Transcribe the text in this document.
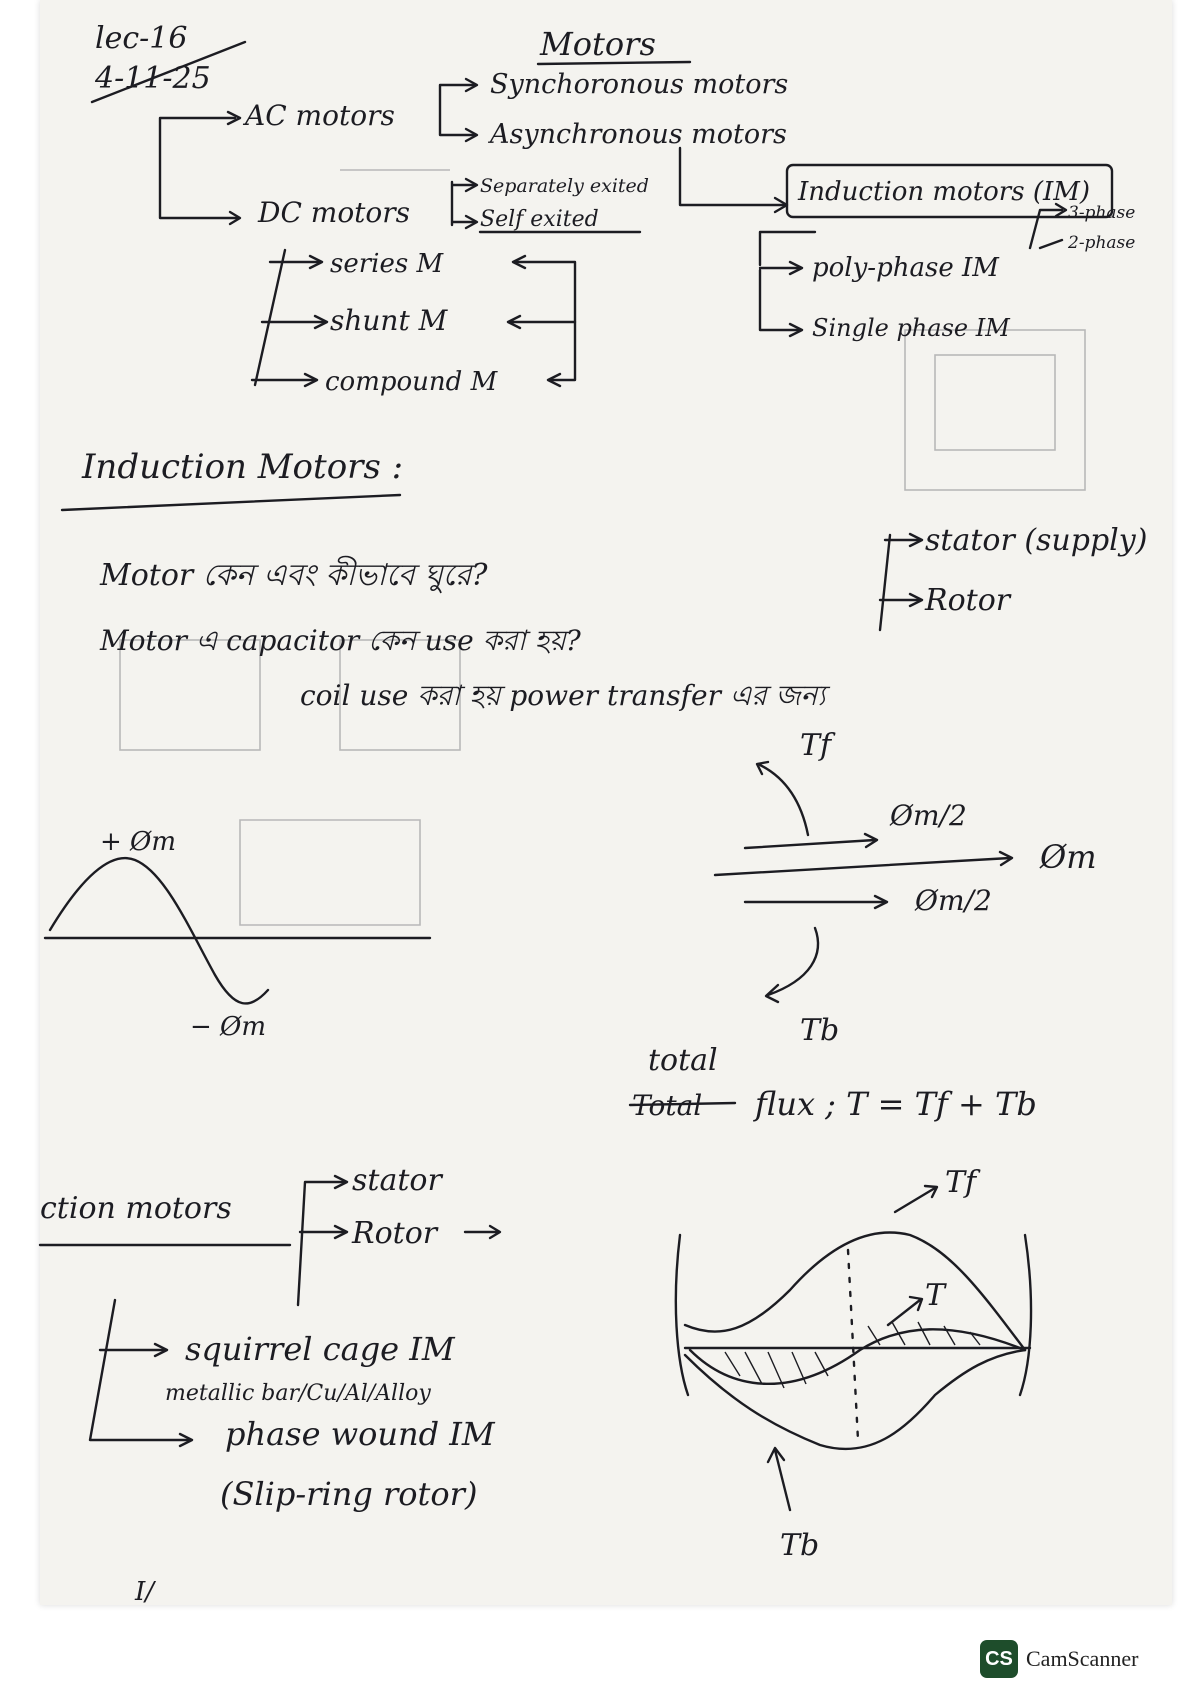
lec-16
4-11-25
Motors
AC motors
Synchoronous motors
Asynchronous motors
Induction motors (IM)
poly-phase IM
Single phase IM
3-phase
2-phase
DC motors
Separately exited
Self exited
series M
shunt M
compound M
Induction Motors :
stator (supply)
Rotor
Motor কেন এবং কীভাবে ঘুরে?
Motor এ capacitor কেন use করা হয়?
coil use করা হয় power transfer এর জন্য
+ Øm
− Øm
Tf
Øm/2
Øm
Øm/2
Tb
total
Total flux ; T = Tf + Tb
ction motors
stator
Rotor
squirrel cage IM
metallic bar/Cu/Al/Alloy
phase wound IM
(Slip-ring rotor)
Tf
T
Tb
I/
CS CamScanner
